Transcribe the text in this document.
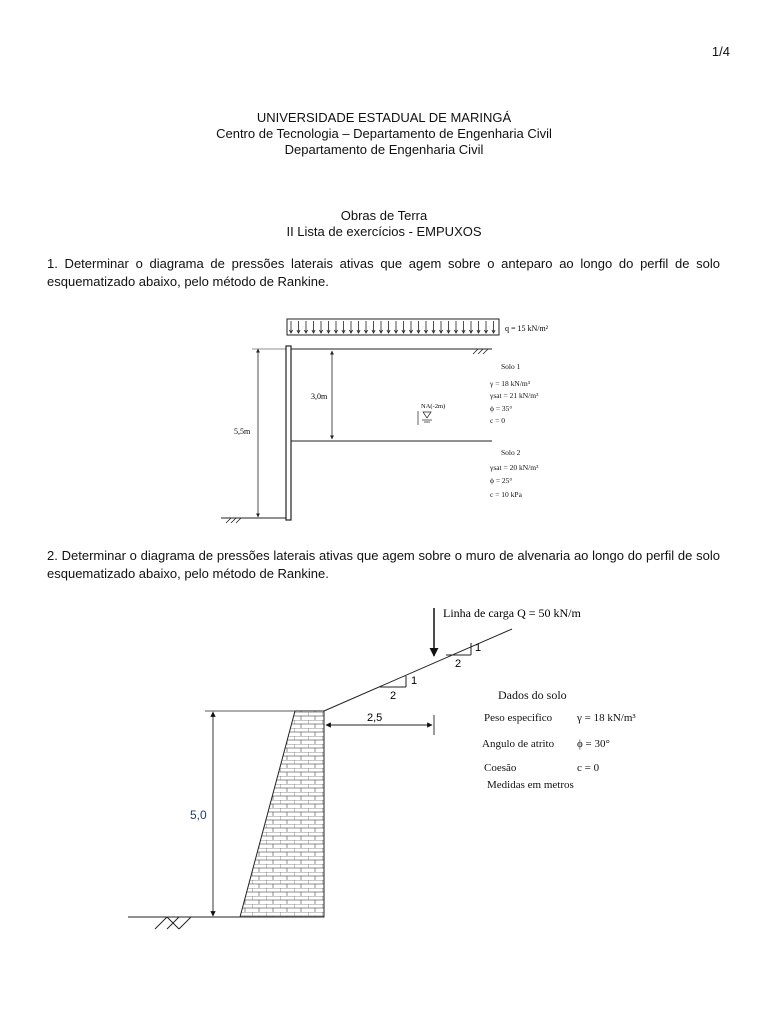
1/4
UNIVERSIDADE ESTADUAL DE MARINGÁ
Centro de Tecnologia – Departamento de Engenharia Civil
Departamento de Engenharia Civil
Obras de Terra
II Lista de exercícios - EMPUXOS
1. Determinar o diagrama de pressões laterais ativas que agem sobre o anteparo ao longo do perfil de solo esquematizado abaixo, pelo método de Rankine.
q = 15 kN/m²
5,5m
3,0m
NA(-2m)
Solo 1
γ = 18 kN/m³
γsat = 21 kN/m³
ϕ = 35°
c = 0
Solo 2
γsat = 20 kN/m³
ϕ = 25°
c = 10 kPa
2. Determinar o diagrama de pressões laterais ativas que agem sobre o muro de alvenaria ao longo do perfil de solo esquematizado abaixo, pelo método de Rankine.
Linha de carga Q = 50 kN/m
2
1
2
1
2,5
5,0
Dados do solo
Peso especifico γ = 18 kN/m³
Angulo de atrito ϕ = 30°
Coesão	c = 0
Medidas em metros
